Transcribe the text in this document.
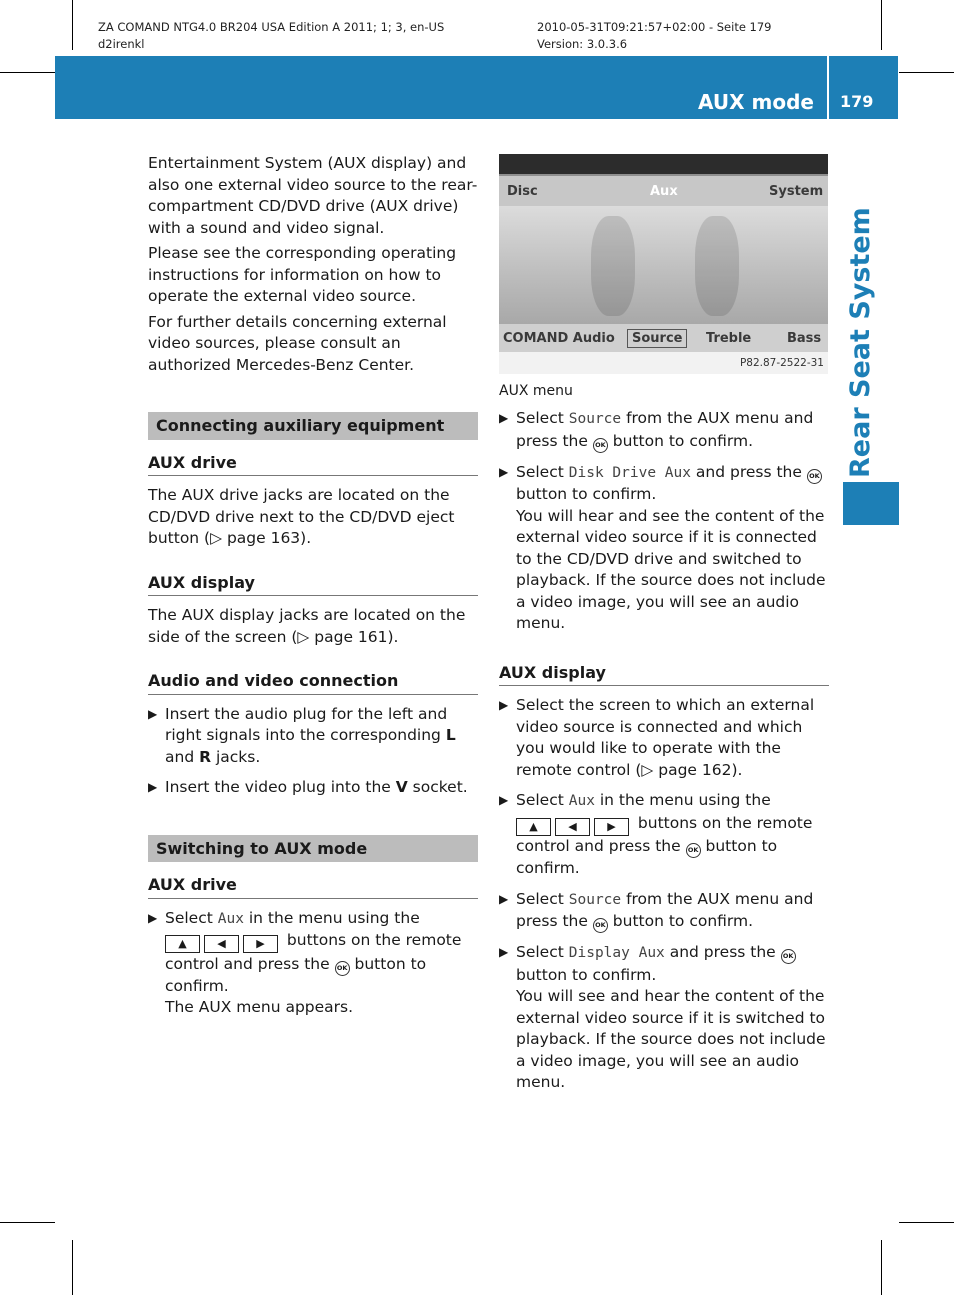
ZA COMAND NTG4.0 BR204 USA Edition A 2011; 1; 3, en-US
d2irenkl
2010-05-31T09:21:57+02:00 - Seite 179
Version: 3.0.3.6
AUX mode 179
Rear Seat System

Entertainment System (AUX display) and also one external video source to the rear-compartment CD/DVD drive (AUX drive) with a sound and video signal.

Please see the corresponding operating instructions for information on how to operate the external video source.

For further details concerning external video sources, please consult an authorized Mercedes-Benz Center.

Connecting auxiliary equipment
AUX drive

The AUX drive jacks are located on the CD/DVD drive next to the CD/DVD eject button (▷ page 163).

AUX display

The AUX display jacks are located on the side of the screen (▷ page 161).

Audio and video connection
▶ Insert the audio plug for the left and right signals into the corresponding L and R jacks.
▶ Insert the video plug into the V socket.
Switching to AUX mode
AUX drive
▶ Select Aux in the menu using the
▲	◀	▶ buttons on the remote control and press the OK button to confirm.
The AUX menu appears.
Disc	Aux	System
COMAND Audio	Source	Treble	Bass
P82.87-2522-31
AUX menu
▶ Select Source from the AUX menu and press the OK button to confirm.
▶ Select Disk Drive Aux and press the OK button to confirm.
You will hear and see the content of the external video source if it is connected to the CD/DVD drive and switched to playback. If the source does not include a video image, you will see an audio menu.
AUX display
▶ Select the screen to which an external video source is connected and which you would like to operate with the remote control (▷ page 162).
▶ Select Aux in the menu using the
▲	◀	▶ buttons on the remote control and press the OK button to confirm.
▶ Select Source from the AUX menu and press the OK button to confirm.
▶ Select Display Aux and press the OK button to confirm.
You will see and hear the content of the external video source if it is switched to playback. If the source does not include a video image, you will see an audio menu.
